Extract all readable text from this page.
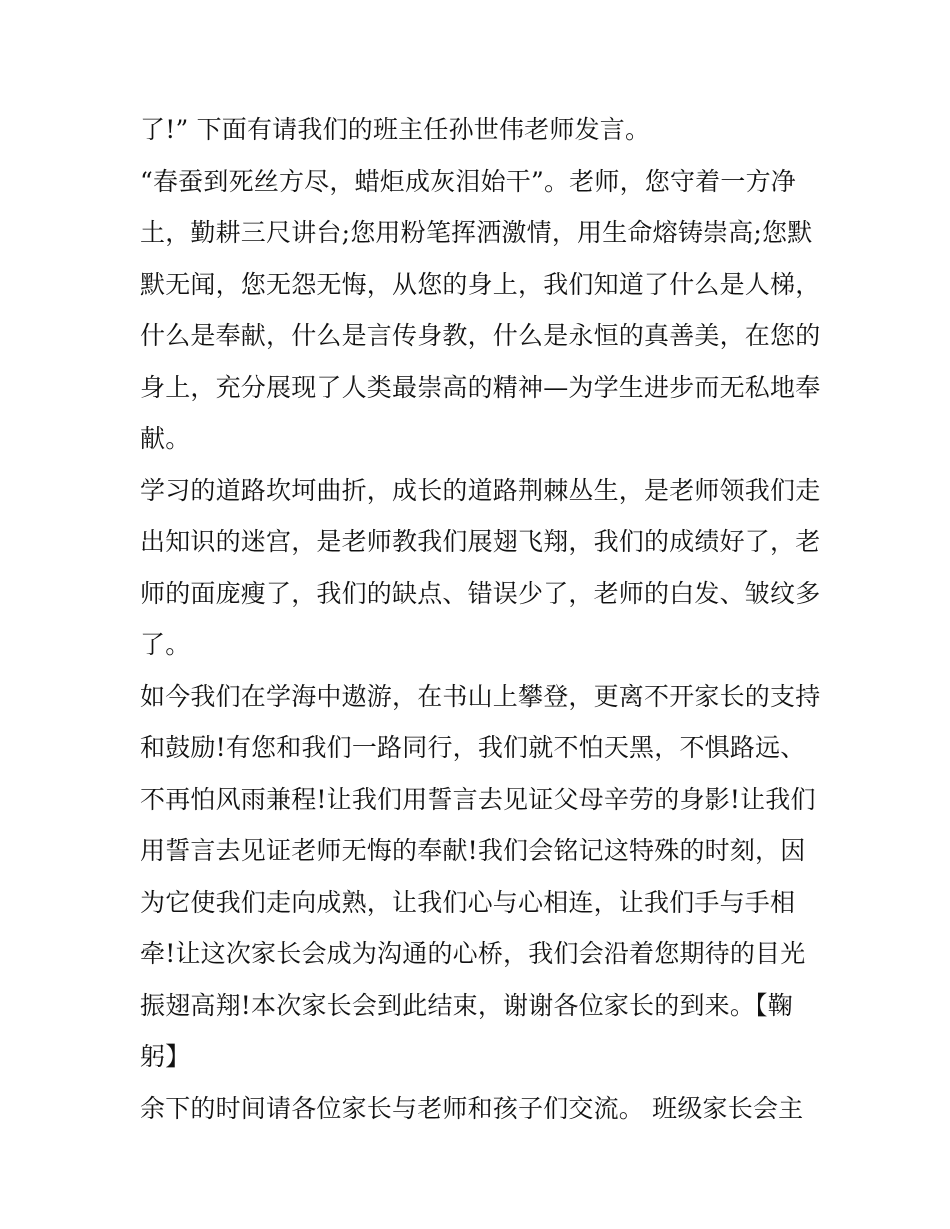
了!” 下面有请我们的班主任孙世伟老师发言。
“春蚕到死丝方尽，蜡炬成灰泪始干”。老师，您守着一方净
土，勤耕三尺讲台;您用粉笔挥洒激情，用生命熔铸崇高;您默
默无闻，您无怨无悔，从您的身上，我们知道了什么是人梯，
什么是奉献，什么是言传身教，什么是永恒的真善美，在您的
身上，充分展现了人类最崇高的精神—为学生进步而无私地奉
献。
学习的道路坎坷曲折，成长的道路荆棘丛生，是老师领我们走
出知识的迷宫，是老师教我们展翅飞翔，我们的成绩好了，老
师的面庞瘦了，我们的缺点、错误少了，老师的白发、皱纹多
了。
如今我们在学海中遨游，在书山上攀登，更离不开家长的支持
和鼓励!有您和我们一路同行，我们就不怕天黑，不惧路远、
不再怕风雨兼程!让我们用誓言去见证父母辛劳的身影!让我们
用誓言去见证老师无悔的奉献!我们会铭记这特殊的时刻，因
为它使我们走向成熟，让我们心与心相连，让我们手与手相
牵!让这次家长会成为沟通的心桥，我们会沿着您期待的目光
振翅高翔!本次家长会到此结束，谢谢各位家长的到来。【鞠
躬】
余下的时间请各位家长与老师和孩子们交流。 班级家长会主
